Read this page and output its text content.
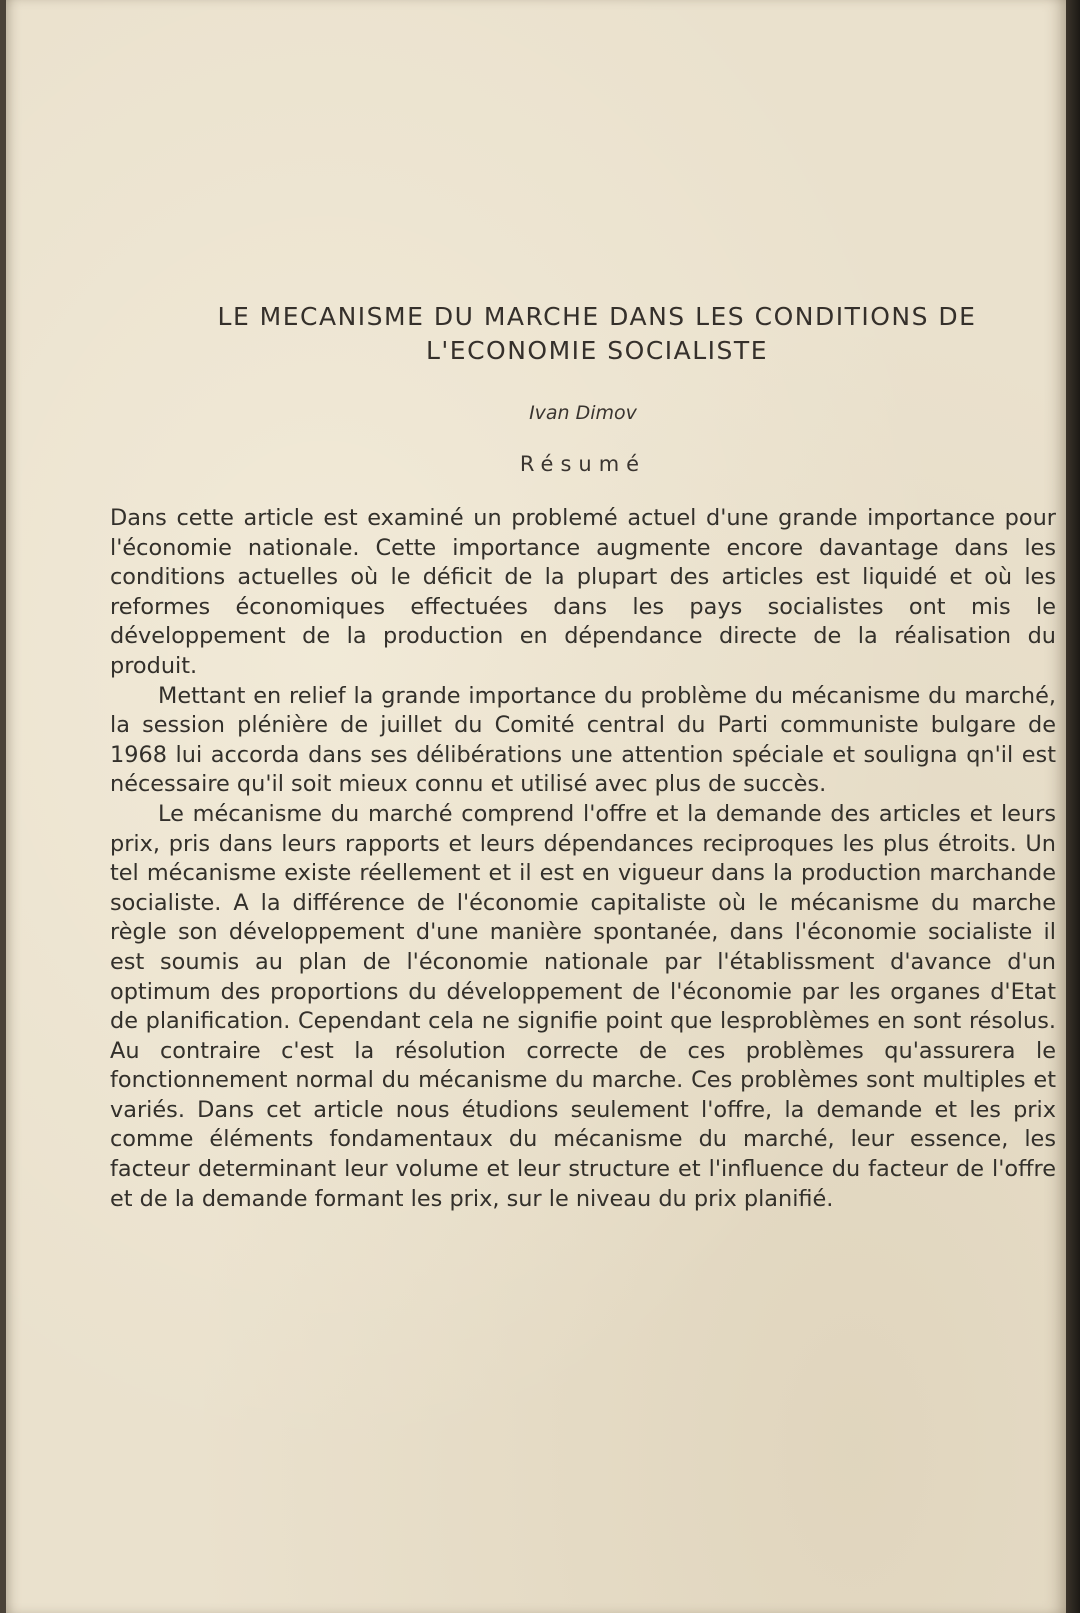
LE MECANISME DU MARCHE DANS LES CONDITIONS DE
L'ECONOMIE SOCIALISTE
Ivan Dimov
Résumé

Dans cette article est examiné un problemé actuel d'une grande importance pour l'économie nationale. Cette importance augmente encore davantage dans les conditions actuelles où le déficit de la plupart des articles est liquidé et où les reformes économiques effectuées dans les pays socialistes ont mis le développement de la production en dépendance directe de la réalisation du produit.

Mettant en relief la grande importance du problème du mécanisme du marché, la session plénière de juillet du Comité central du Parti communiste bulgare de 1968 lui accorda dans ses délibérations une attention spéciale et souligna qn'il est nécessaire qu'il soit mieux connu et utilisé avec plus de succès.

Le mécanisme du marché comprend l'offre et la demande des articles et leurs prix, pris dans leurs rapports et leurs dépendances reciproques les plus étroits. Un tel mécanisme existe réellement et il est en vigueur dans la production marchande socialiste. A la différence de l'économie capitaliste où le mécanisme du marche règle son développement d'une manière spontanée, dans l'économie socialiste il est soumis au plan de l'économie nationale par l'établissment d'avance d'un optimum des proportions du développement de l'économie par les organes d'Etat de planification. Cependant cela ne signifie point que lesproblèmes en sont résolus. Au contraire c'est la résolution correcte de ces problèmes qu'assurera le fonctionnement normal du mécanisme du marche. Ces problèmes sont multiples et variés. Dans cet article nous étudions seulement l'offre, la demande et les prix comme éléments fondamentaux du mécanisme du marché, leur essence, les facteur determinant leur volume et leur structure et l'influence du facteur de l'offre et de la demande formant les prix, sur le niveau du prix planifié.
